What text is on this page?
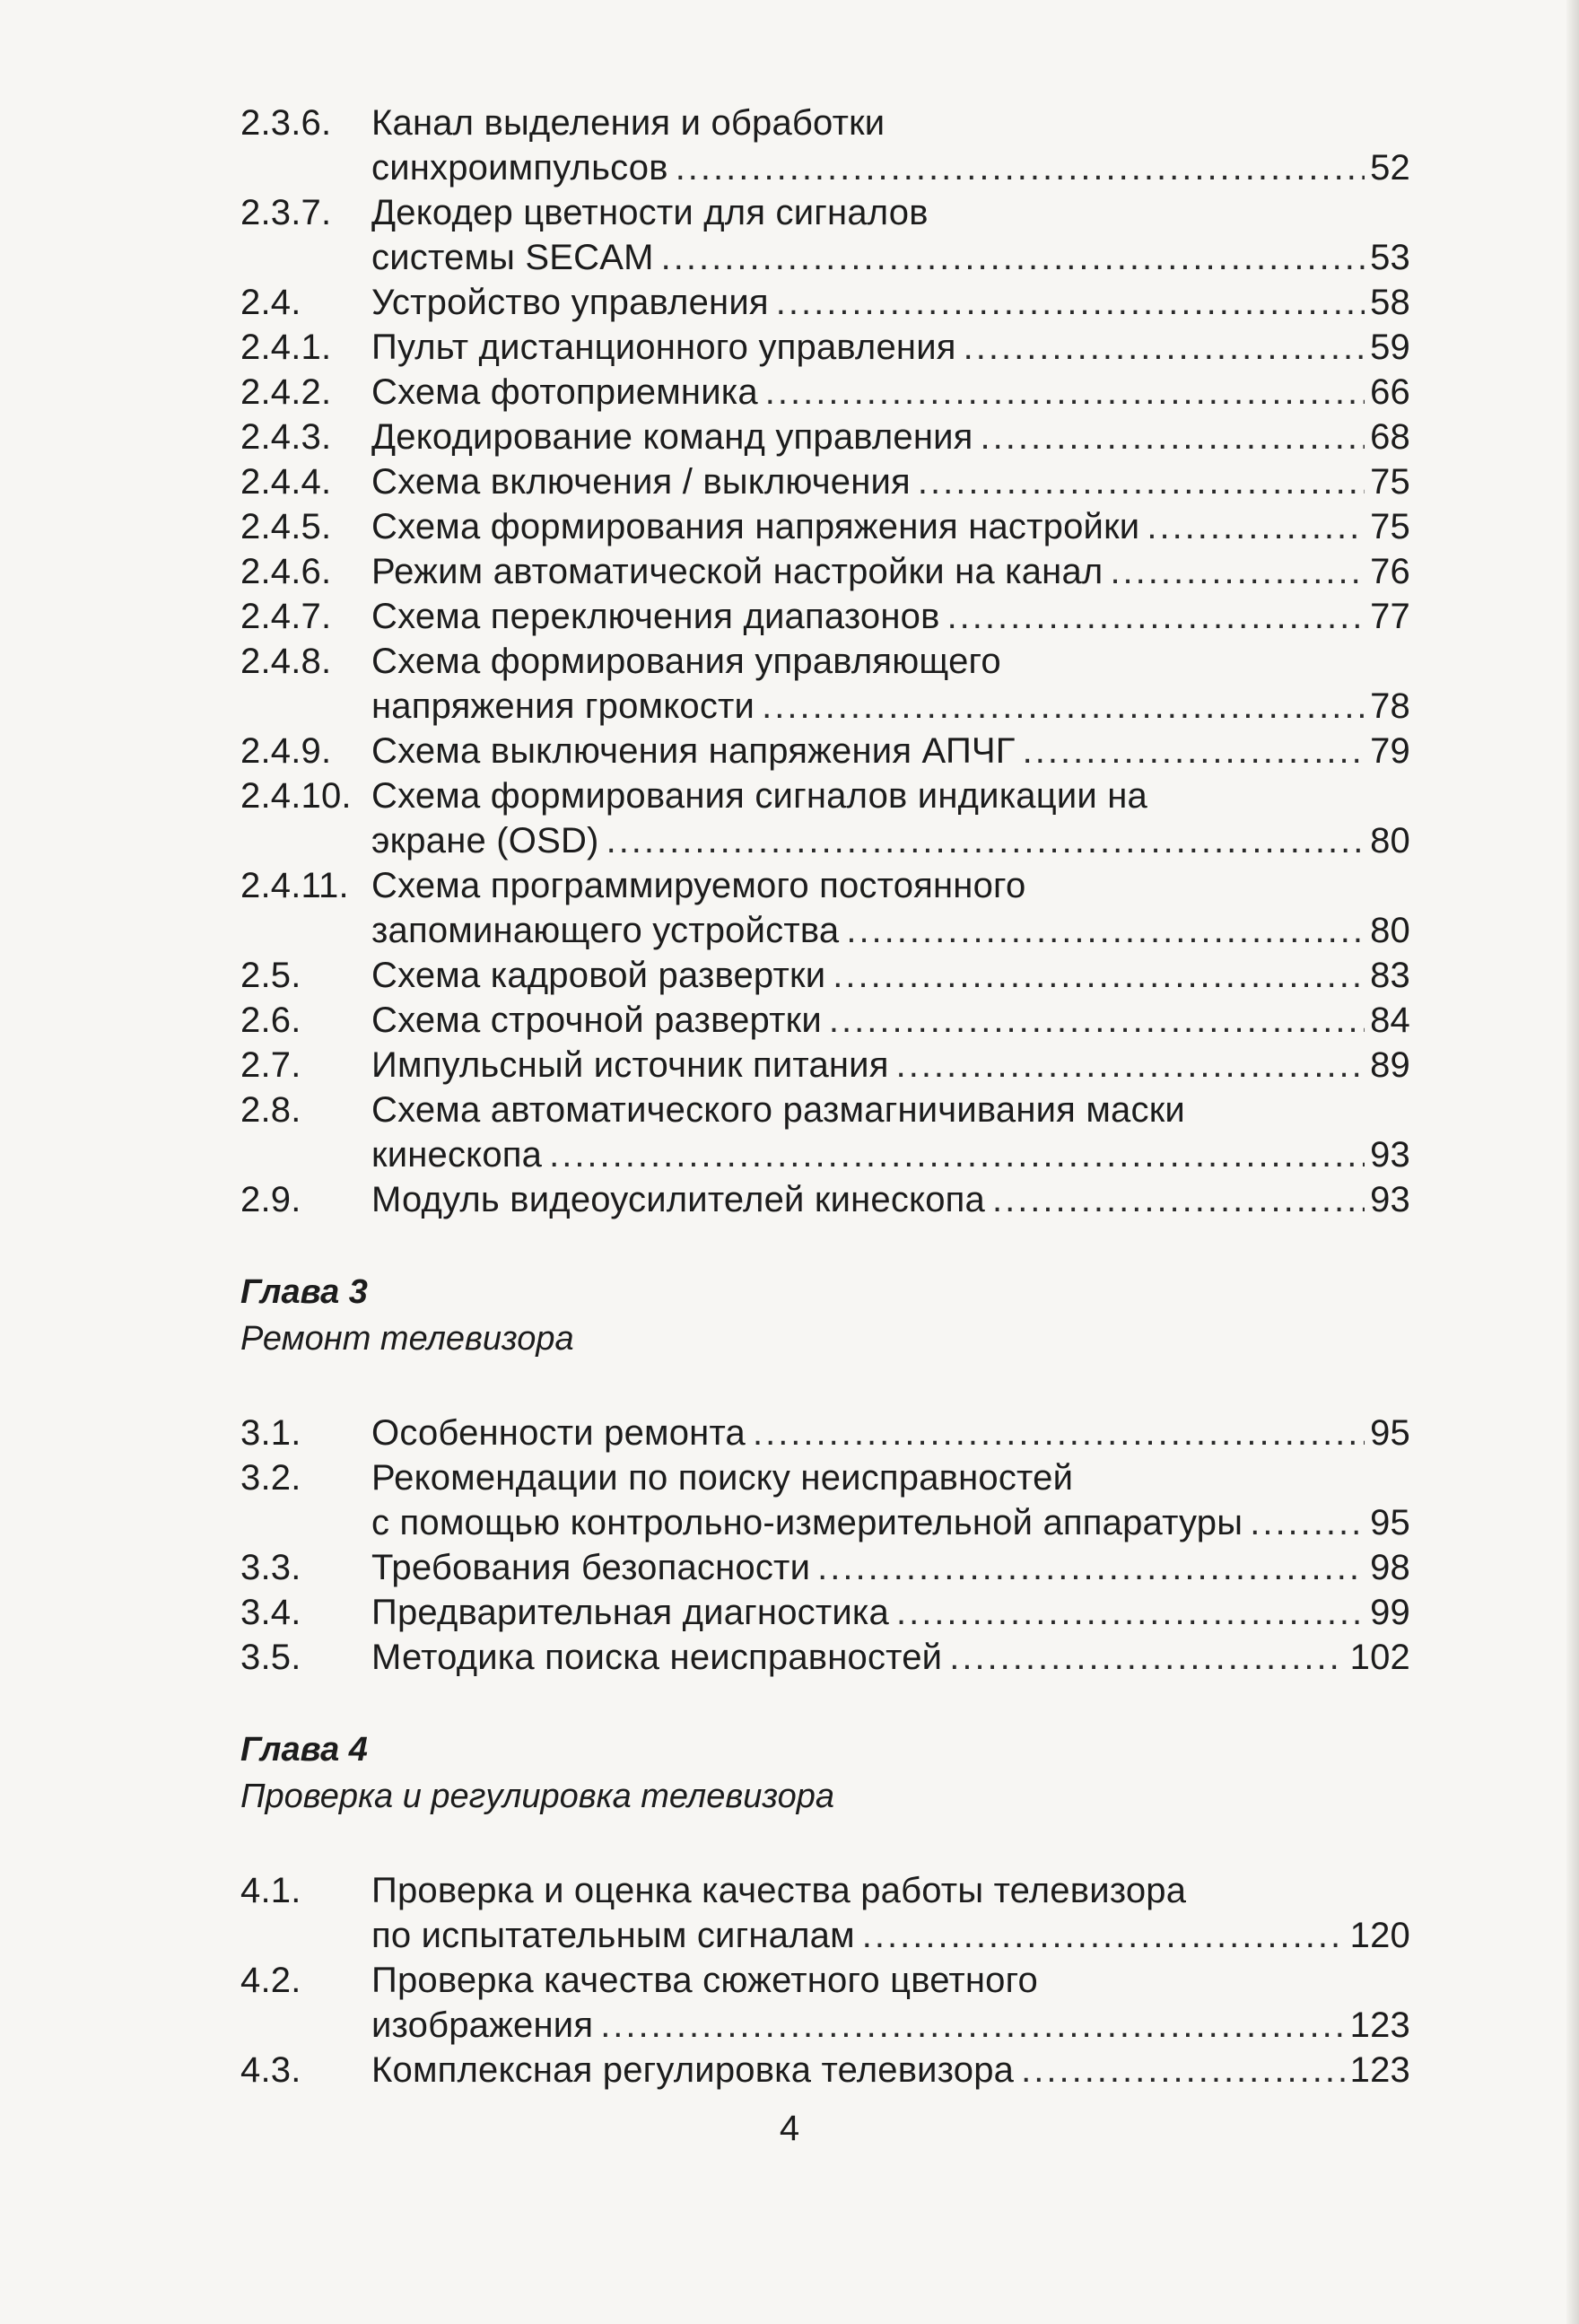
2.3.6. Канал выделения и обработки
синхроимпульсов .....	52
2.3.7. Декодер цветности для сигналов
системы SECAM .....	53
2.4. Устройство управления .....	58
2.4.1. Пульт дистанционного управления .....	59
2.4.2. Схема фотоприемника .....	66
2.4.3. Декодирование команд управления .....	68
2.4.4. Схема включения / выключения .....	75
2.4.5. Схема формирования напряжения настройки .....	75
2.4.6. Режим автоматической настройки на канал .....	76
2.4.7. Схема переключения диапазонов .....	77
2.4.8. Схема формирования управляющего
напряжения громкости .....	78
2.4.9. Схема выключения напряжения АПЧГ .....	79
2.4.10. Схема формирования сигналов индикации на
экране (OSD) .....	80
2.4.11. Схема программируемого постоянного
запоминающего устройства .....	80
2.5. Схема кадровой развертки .....	83
2.6. Схема строчной развертки .....	84
2.7. Импульсный источник питания .....	89
2.8. Схема автоматического размагничивания маски
кинескопа .....	93
2.9. Модуль видеоусилителей кинескопа .....	93
Глава 3
Ремонт телевизора
3.1. Особенности ремонта .....	95
3.2. Рекомендации по поиску неисправностей
с помощью контрольно-измерительной аппаратуры .....	95
3.3. Требования безопасности .....	98
3.4. Предварительная диагностика .....	99
3.5. Методика поиска неисправностей .....	102
Глава 4
Проверка и регулировка телевизора
4.1. Проверка и оценка качества работы телевизора
по испытательным сигналам .....	120
4.2. Проверка качества сюжетного цветного
изображения .....	123
4.3. Комплексная регулировка телевизора .....	123
4
